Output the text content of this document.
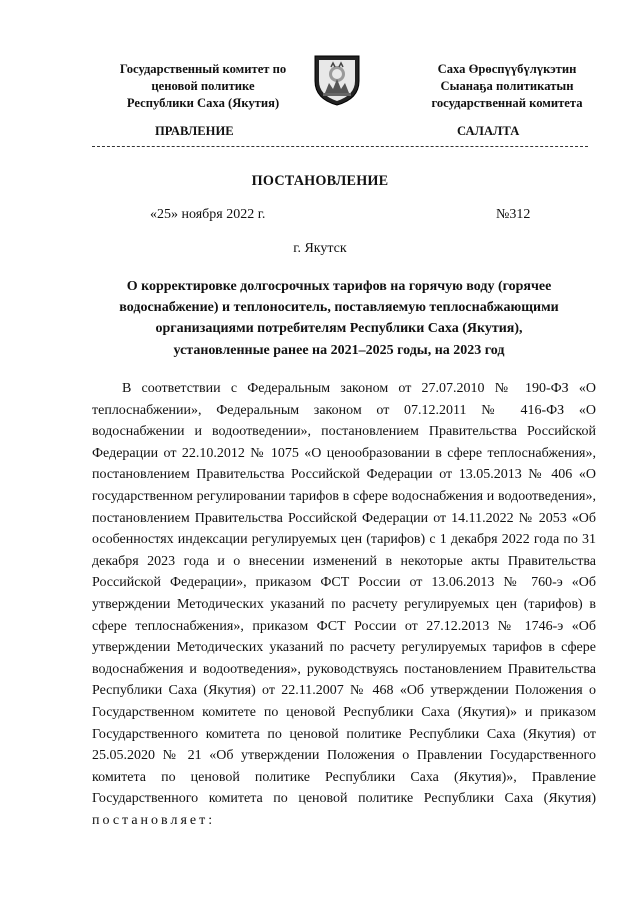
Государственный комитет по
ценовой политике
Республики Саха (Якутия)
Саха Өрөспүүбүлүкэтин
Сыанаҕа политикатын
государственнай комитета
ПРАВЛЕНИЕ	САЛАЛТА
ПОСТАНОВЛЕНИЕ
«25» ноября 2022 г.	№312
г. Якутск
О корректировке долгосрочных тарифов на горячую воду (горячее
водоснабжение) и теплоноситель, поставляемую теплоснабжающими
организациями потребителям Республики Саха (Якутия),
установленные ранее на 2021–2025 годы, на 2023 год

В соответствии с Федеральным законом от 27.07.2010 № 190-ФЗ «О теплоснабжении», Федеральным законом от 07.12.2011 № 416-ФЗ «О водоснабжении и водоотведении», постановлением Правительства Российской Федерации от 22.10.2012 № 1075 «О ценообразовании в сфере теплоснабжения», постановлением Правительства Российской Федерации от 13.05.2013 № 406 «О государственном регулировании тарифов в сфере водоснабжения и водоотведения», постановлением Правительства Российской Федерации от 14.11.2022 № 2053 «Об особенностях индексации регулируемых цен (тарифов) с 1 декабря 2022 года по 31 декабря 2023 года и о внесении изменений в некоторые акты Правительства Российской Федерации», приказом ФСТ России от 13.06.2013 № 760-э «Об утверждении Методических указаний по расчету регулируемых цен (тарифов) в сфере теплоснабжения», приказом ФСТ России от 27.12.2013 № 1746-э «Об утверждении Методических указаний по расчету регулируемых тарифов в сфере водоснабжения и водоотведения», руководствуясь постановлением Правительства Республики Саха (Якутия) от 22.11.2007 № 468 «Об утверждении Положения о Государственном комитете по ценовой Республики Саха (Якутия)» и приказом Государственного комитета по ценовой политике Республики Саха (Якутия) от 25.05.2020 № 21 «Об утверждении Положения о Правлении Государственного комитета по ценовой политике Республики Саха (Якутия)», Правление Государственного комитета по ценовой политике Республики Саха (Якутия) постановляет:
